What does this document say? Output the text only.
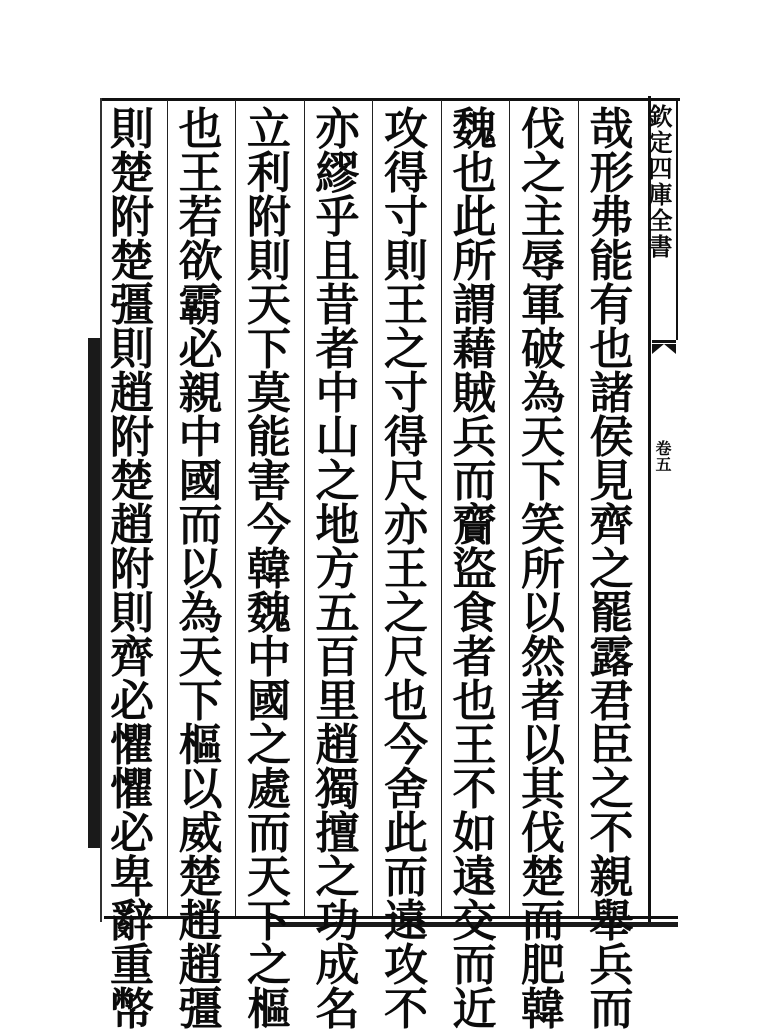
欽定四庫全書
卷五
哉
形
弗
能
有
也
諸
侯
見
齊
之
罷
露
君
臣
之
不
親
舉
兵
而
伐
之
主
辱
軍
破
為
天
下
笑
所
以
然
者
以
其
伐
楚
而
肥
韓
魏
也
此
所
謂
藉
賊
兵
而
齎
盜
食
者
也
王
不
如
遠
交
而
近
攻
得
寸
則
王
之
寸
得
尺
亦
王
之
尺
也
今
舍
此
而
遠
攻
不
亦
繆
乎
且
昔
者
中
山
之
地
方
五
百
里
趙
獨
擅
之
功
成
名
立
利
附
則
天
下
莫
能
害
今
韓
魏
中
國
之
處
而
天
下
之
樞
也
王
若
欲
霸
必
親
中
國
而
以
為
天
下
樞
以
威
楚
趙
趙
彊
則
楚
附
楚
彊
則
趙
附
楚
趙
附
則
齊
必
懼
懼
必
卑
辭
重
幣
